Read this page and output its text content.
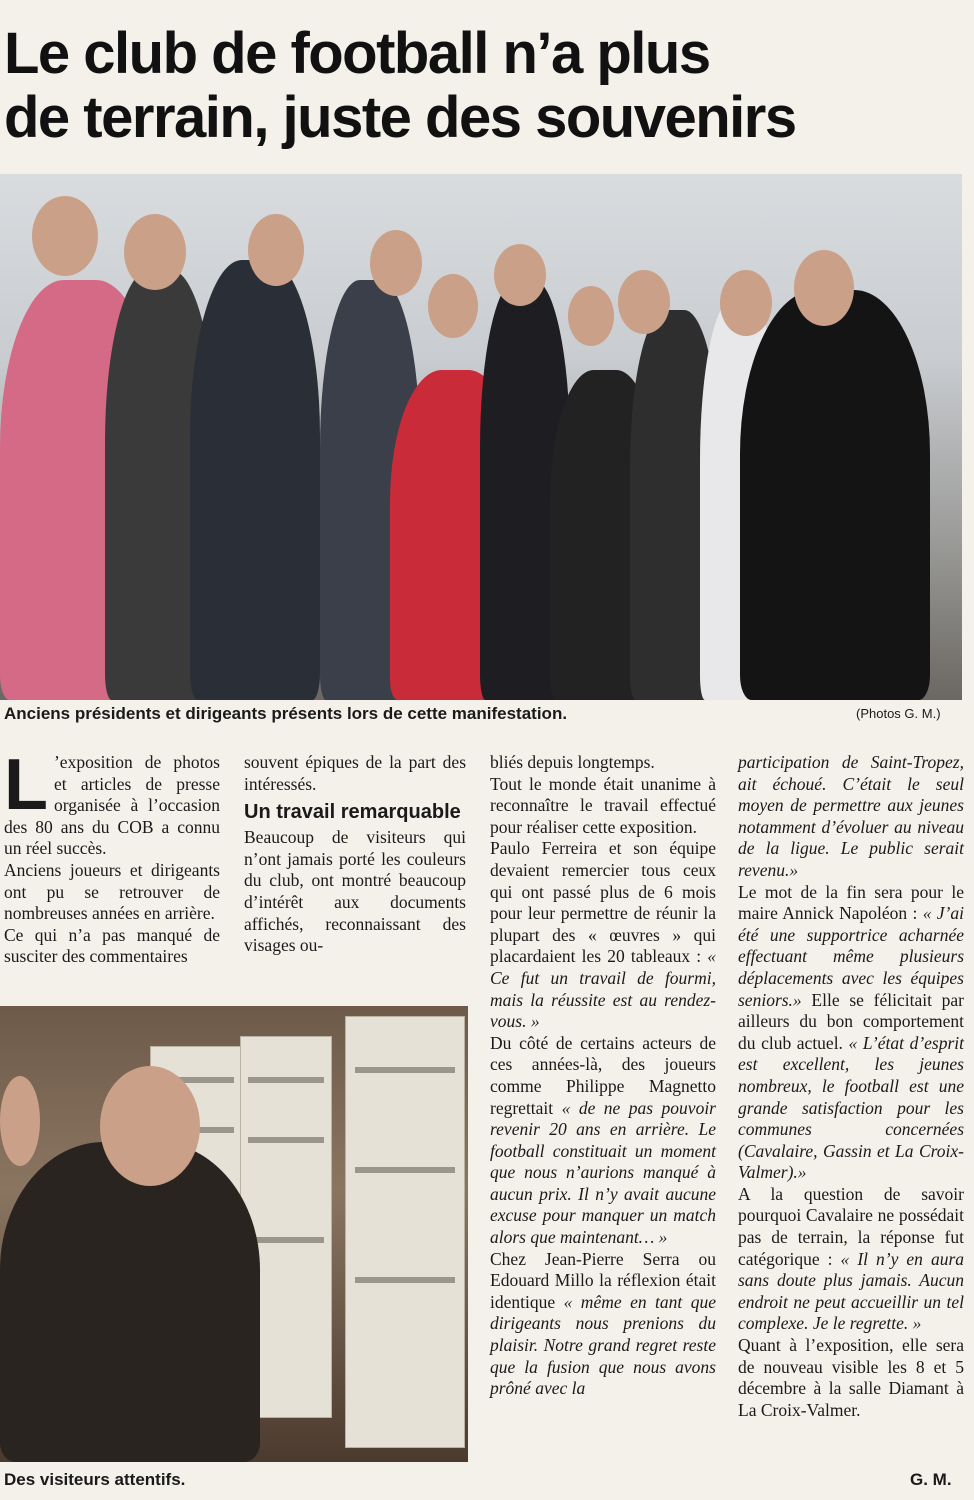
Le club de football n’a plus
de terrain, juste des souvenirs
Anciens présidents et dirigeants présents lors de cette manifestation.	(Photos G. M.)
L ’exposition de photos et articles de presse organisée à l’occasion des 80 ans du COB a connu un réel succès.

Anciens joueurs et dirigeants ont pu se retrouver de nombreuses années en arrière.

Ce qui n’a pas manqué de susciter des commentaires

souvent épiques de la part des intéressés.

Un travail remarquable

Beaucoup de visiteurs qui n’ont jamais porté les couleurs du club, ont montré beaucoup d’intérêt aux documents affichés, reconnaissant des visages ou-

Des visiteurs attentifs.

bliés depuis longtemps.

Tout le monde était unanime à reconnaître le travail effectué pour réaliser cette exposition.

Paulo Ferreira et son équipe devaient remercier tous ceux qui ont passé plus de 6 mois pour leur permettre de réunir la plupart des « œuvres » qui placardaient les 20 tableaux : « Ce fut un travail de fourmi, mais la réussite est au rendez-vous. »

Du côté de certains acteurs de ces années-là, des joueurs comme Philippe Magnetto regrettait « de ne pas pouvoir revenir 20 ans en arrière. Le football constituait un moment que nous n’aurions manqué à aucun prix. Il n’y avait aucune excuse pour manquer un match alors que maintenant… »

Chez Jean-Pierre Serra ou Edouard Millo la réflexion était identique « même en tant que dirigeants nous prenions du plaisir. Notre grand regret reste que la fusion que nous avons prôné avec la

participation de Saint-Tropez, ait échoué. C’était le seul moyen de permettre aux jeunes notamment d’évoluer au niveau de la ligue. Le public serait revenu.»

Le mot de la fin sera pour le maire Annick Napoléon : « J’ai été une supportrice acharnée effectuant même plusieurs déplacements avec les équipes seniors.» Elle se félicitait par ailleurs du bon comportement du club actuel. « L’état d’esprit est excellent, les jeunes nombreux, le football est une grande satisfaction pour les communes concernées (Cavalaire, Gassin et La Croix-Valmer).»

A la question de savoir pourquoi Cavalaire ne possédait pas de terrain, la réponse fut catégorique : « Il n’y en aura sans doute plus jamais. Aucun endroit ne peut accueillir un tel complexe. Je le regrette. »

Quant à l’exposition, elle sera de nouveau visible les 8 et 5 décembre à la salle Diamant à La Croix-Valmer.

G. M.
